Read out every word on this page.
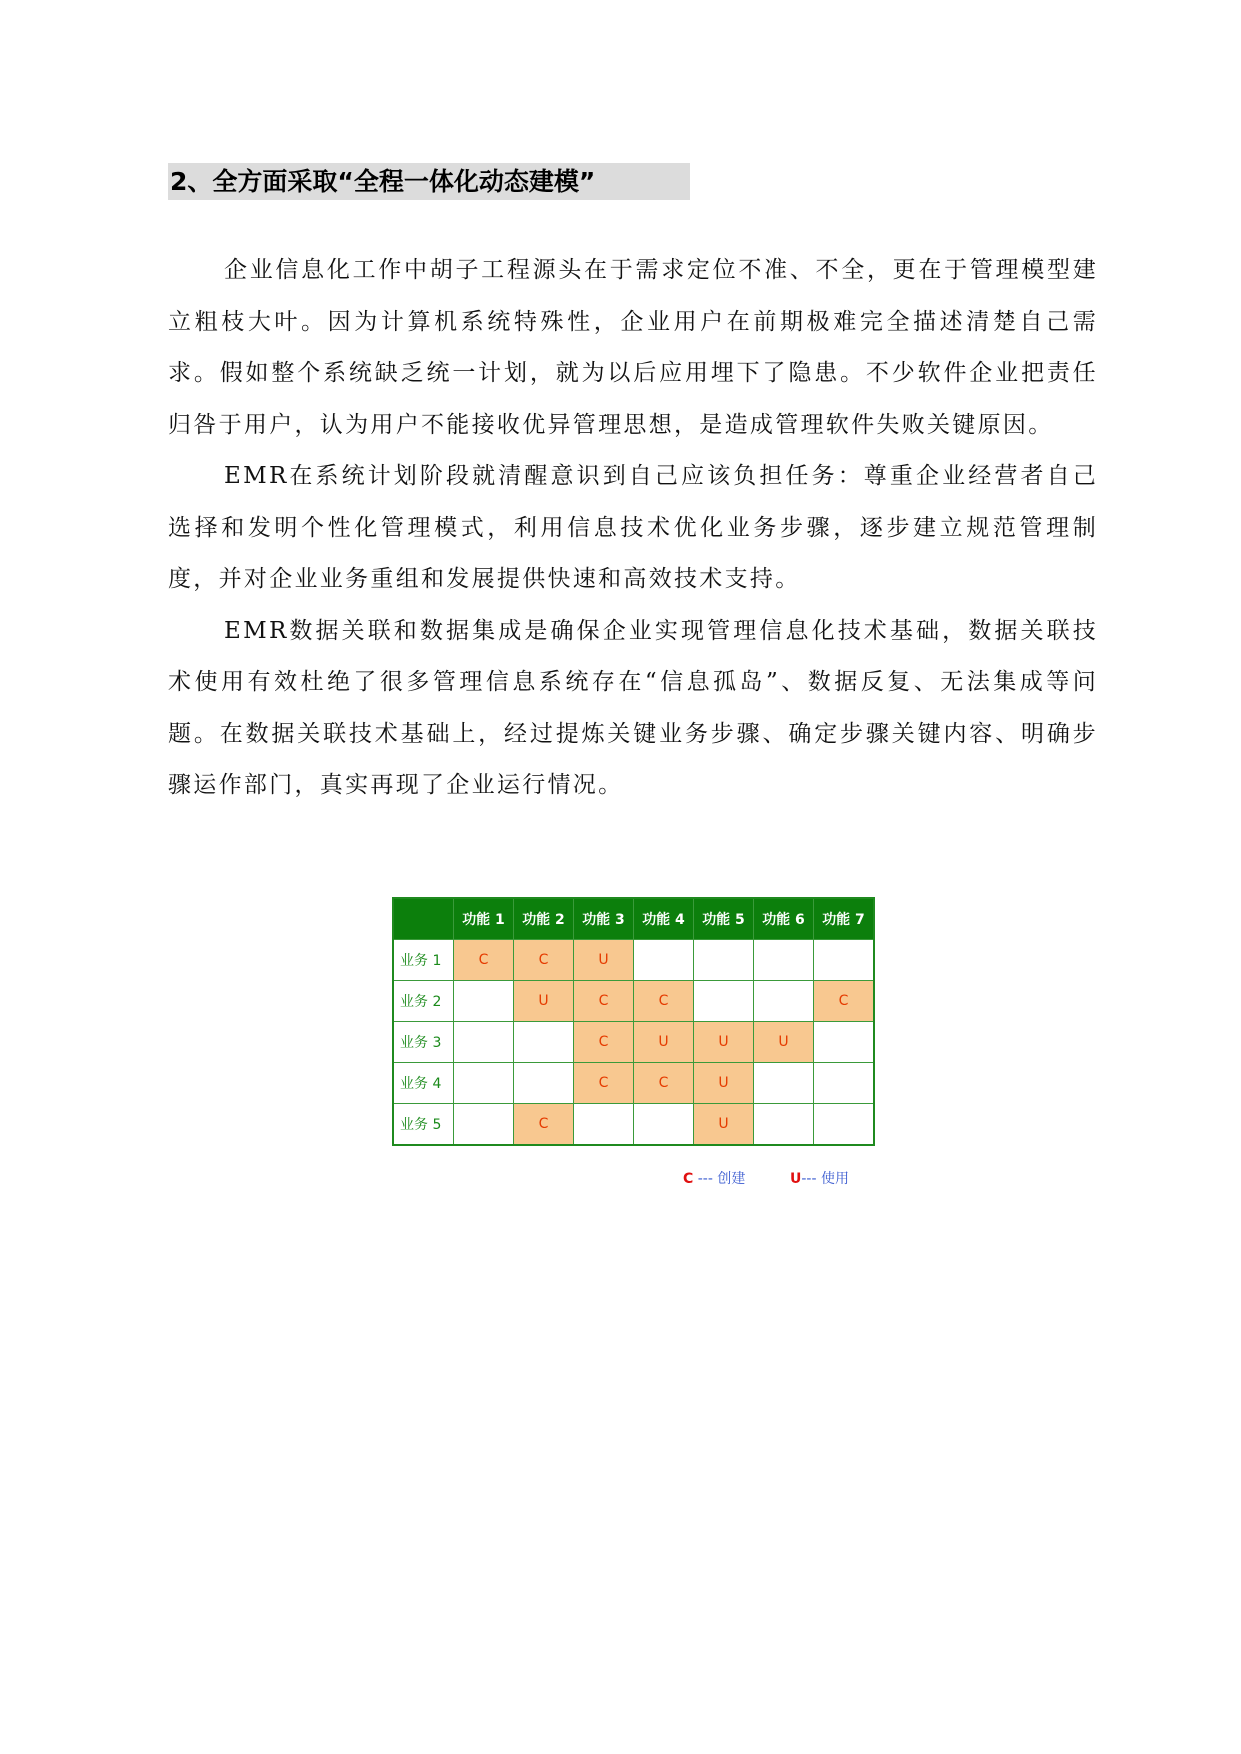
2、全方面采取“全程一体化动态建模”

企业信息化工作中胡子工程源头在于需求定位不准、不全，更在于管理模型建立粗枝大叶。因为计算机系统特殊性，企业用户在前期极难完全描述清楚自己需求。假如整个系统缺乏统一计划，就为以后应用埋下了隐患。不少软件企业把责任归咎于用户，认为用户不能接收优异管理思想，是造成管理软件失败关键原因。

EMR在系统计划阶段就清醒意识到自己应该负担任务：尊重企业经营者自己选择和发明个性化管理模式，利用信息技术优化业务步骤，逐步建立规范管理制度，并对企业业务重组和发展提供快速和高效技术支持。

EMR数据关联和数据集成是确保企业实现管理信息化技术基础，数据关联技术使用有效杜绝了很多管理信息系统存在“信息孤岛”、数据反复、无法集成等问题。在数据关联技术基础上，经过提炼关键业务步骤、确定步骤关键内容、明确步骤运作部门，真实再现了企业运行情况。

	功能 1	功能 2	功能 3	功能 4	功能 5	功能 6	功能 7
业务 1	C	C	U				
业务 2		U	C	C			C
业务 3			C	U	U	U	
业务 4			C	C	U		
业务 5		C			U		
C --- 创建	U--- 使用
